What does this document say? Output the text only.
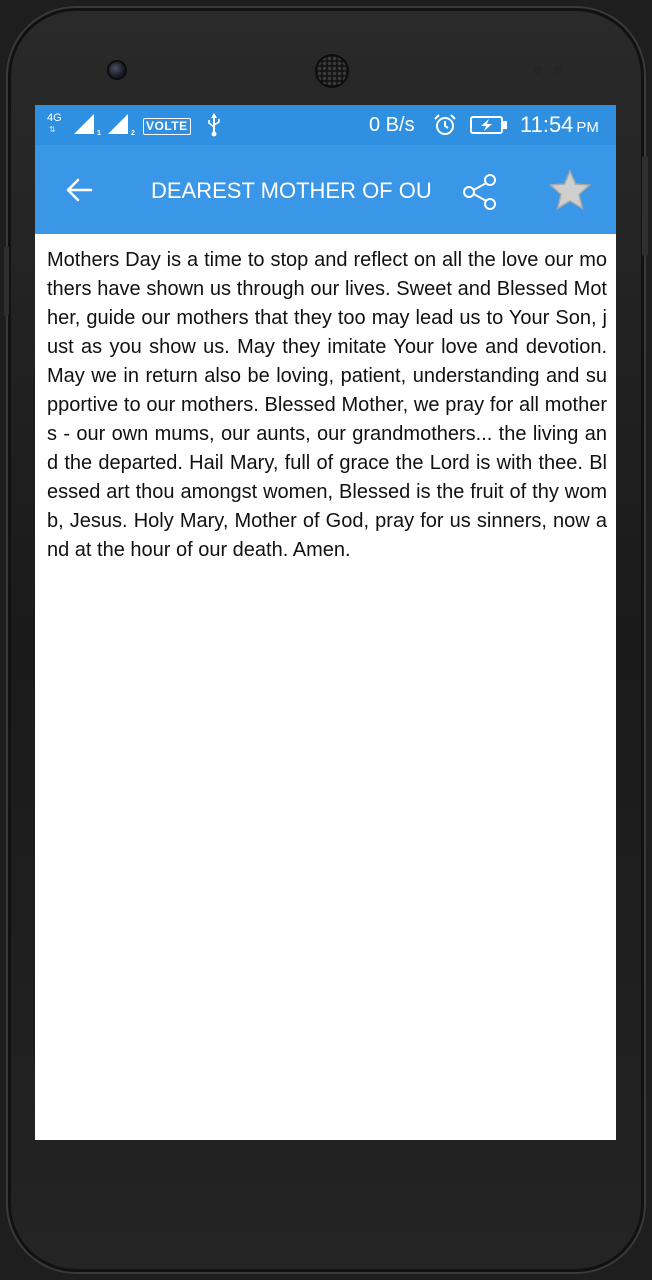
4G
⇅	1	2
VOLTE	0 B/s	11:54 PM
DEAREST MOTHER OF OU
Mothers Day is a time to stop and reflect on all the love our mothers have shown us through our lives. Sweet and Blessed Mother, guide our mothers that they too may lead us to Your Son, just as you show us. May they imitate Your love and devotion. May we in return also be loving, patient, understanding and supportive to our mothers. Blessed Mother, we pray for all mothers - our own mums, our aunts, our grandmothers... the living and the departed. Hail Mary, full of grace the Lord is with thee. Blessed art thou amongst women, Blessed is the fruit of thy womb, Jesus. Holy Mary, Mother of God, pray for us sinners, now and at the hour of our death. Amen.
